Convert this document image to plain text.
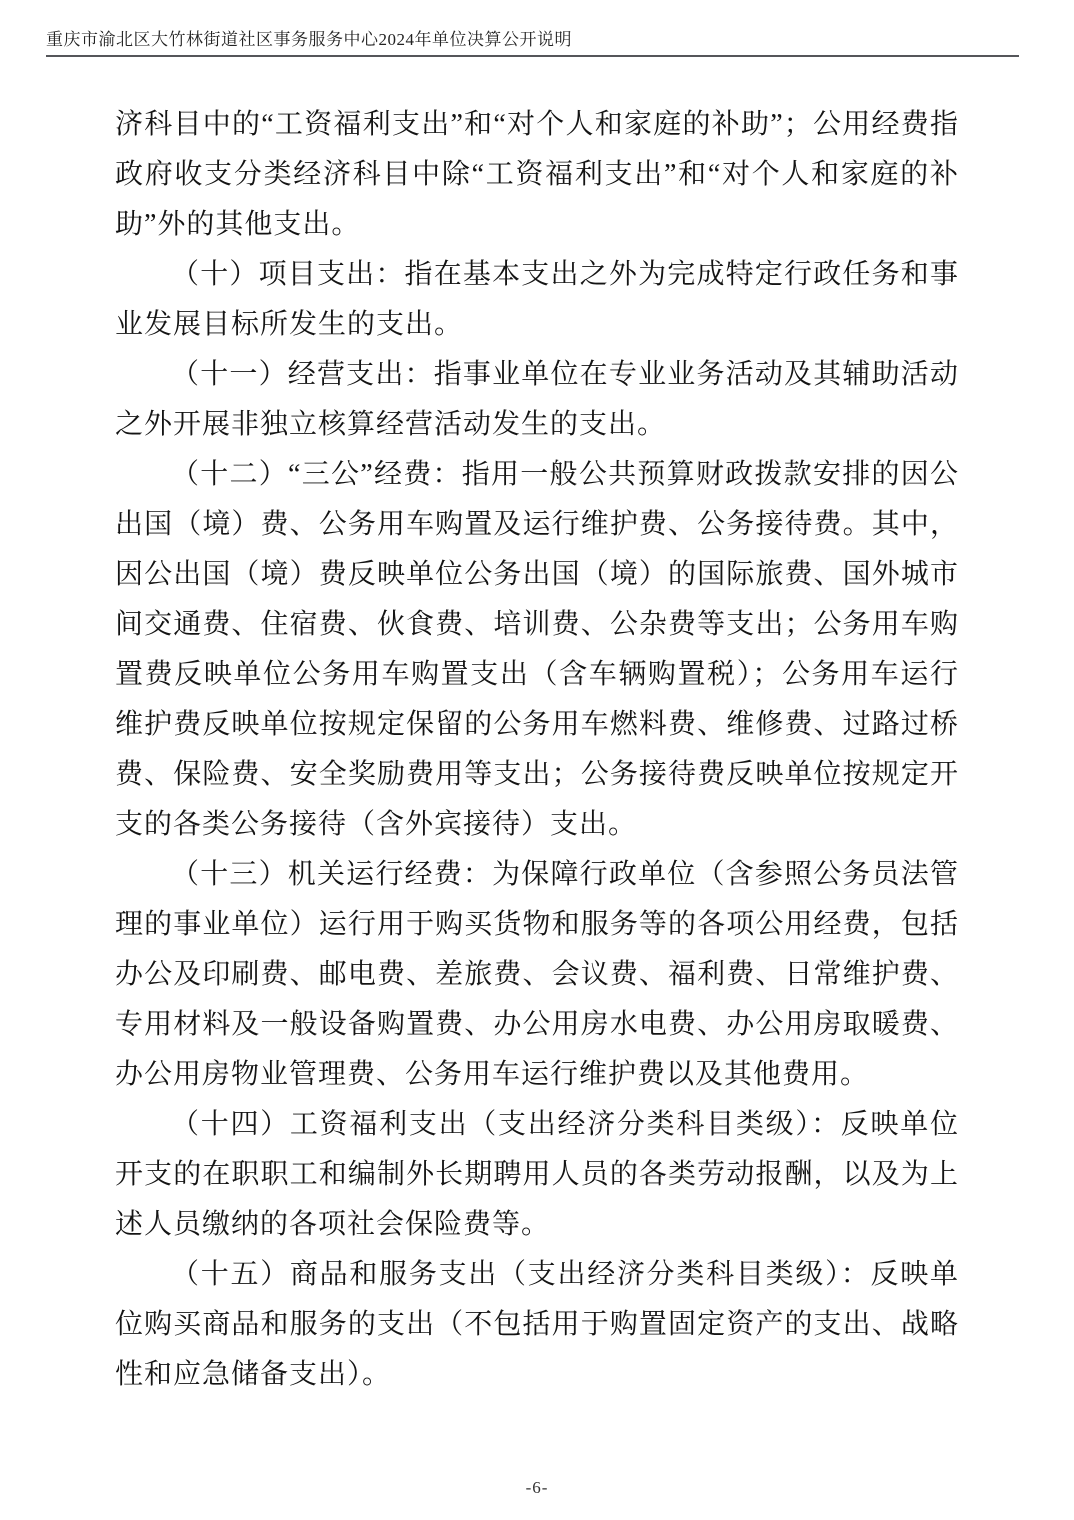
重庆市渝北区大竹林街道社区事务服务中心2024年单位决算公开说明

济科目中的“工资福利支出”和“对个人和家庭的补助”；公用经费指政府收支分类经济科目中除“工资福利支出”和“对个人和家庭的补助”外的其他支出。

（十）项目支出：指在基本支出之外为完成特定行政任务和事业发展目标所发生的支出。

（十一）经营支出：指事业单位在专业业务活动及其辅助活动之外开展非独立核算经营活动发生的支出。

（十二）“三公”经费：指用一般公共预算财政拨款安排的因公出国（境）费、公务用车购置及运行维护费、公务接待费。其中，因公出国（境）费反映单位公务出国（境）的国际旅费、国外城市间交通费、住宿费、伙食费、培训费、公杂费等支出；公务用车购置费反映单位公务用车购置支出（含车辆购置税）；公务用车运行维护费反映单位按规定保留的公务用车燃料费、维修费、过路过桥费、保险费、安全奖励费用等支出；公务接待费反映单位按规定开支的各类公务接待（含外宾接待）支出。

（十三）机关运行经费：为保障行政单位（含参照公务员法管理的事业单位）运行用于购买货物和服务等的各项公用经费，包括办公及印刷费、邮电费、差旅费、会议费、福利费、日常维护费、专用材料及一般设备购置费、办公用房水电费、办公用房取暖费、办公用房物业管理费、公务用车运行维护费以及其他费用。

（十四）工资福利支出（支出经济分类科目类级）：反映单位开支的在职职工和编制外长期聘用人员的各类劳动报酬，以及为上述人员缴纳的各项社会保险费等。

（十五）商品和服务支出（支出经济分类科目类级）：反映单位购买商品和服务的支出（不包括用于购置固定资产的支出、战略性和应急储备支出）。

-6-
